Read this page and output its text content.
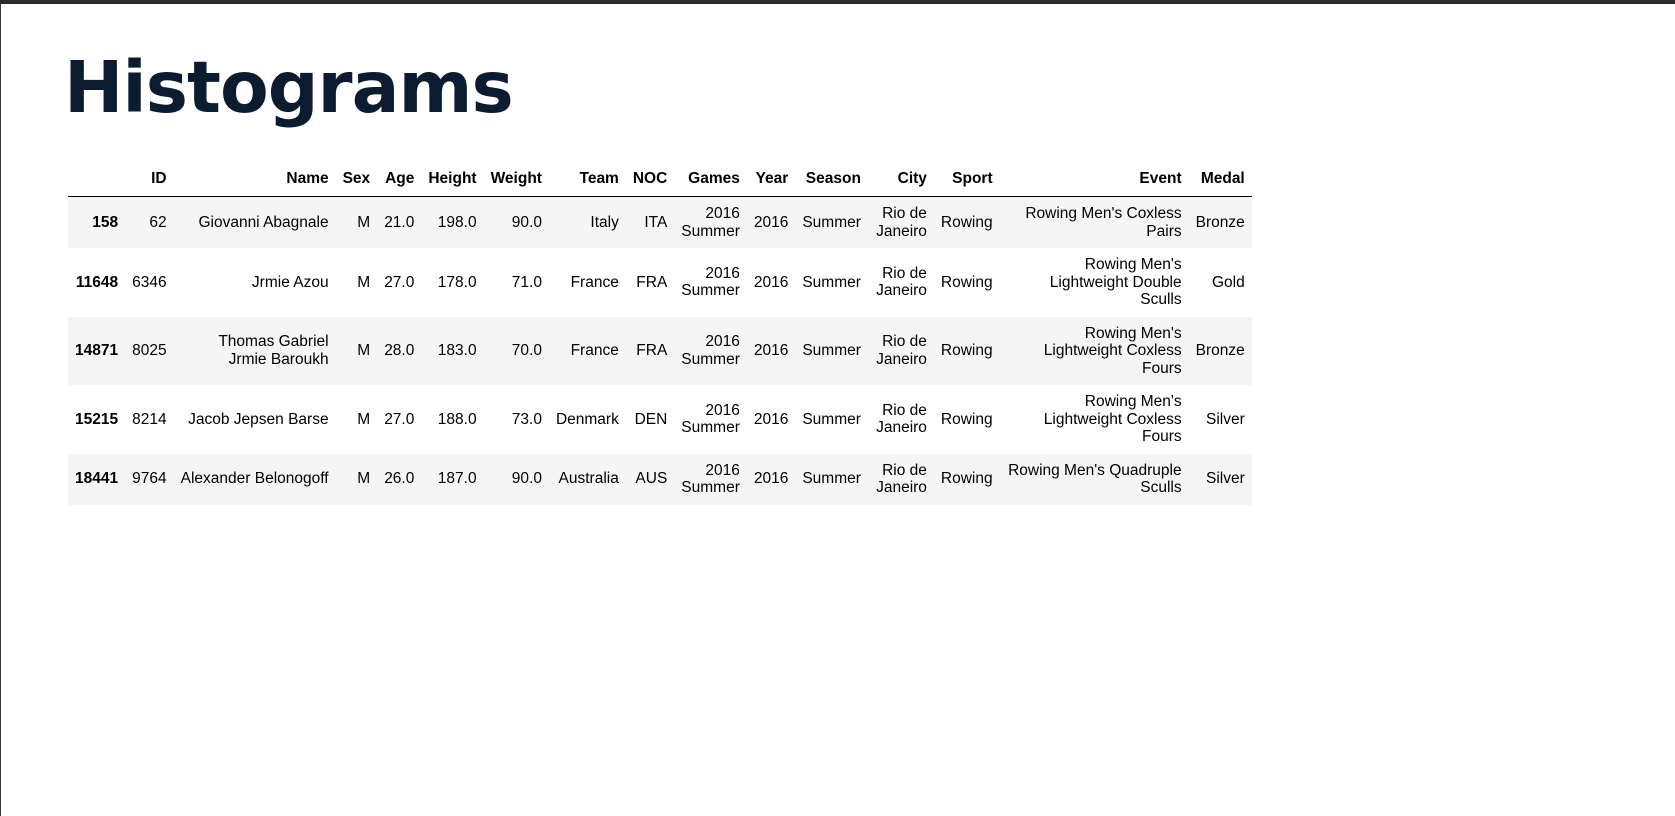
Histograms
	ID	Name	Sex	Age	Height	Weight	Team	NOC	Games	Year	Season	City	Sport	Event	Medal
158	62	Giovanni Abagnale	M	21.0	198.0	90.0	Italy	ITA	2016 Summer	2016	Summer	Rio de Janeiro	Rowing	Rowing Men's Coxless Pairs	Bronze
11648	6346	Jrmie Azou	M	27.0	178.0	71.0	France	FRA	2016 Summer	2016	Summer	Rio de Janeiro	Rowing	Rowing Men's Lightweight Double Sculls	Gold
14871	8025	Thomas Gabriel Jrmie Baroukh	M	28.0	183.0	70.0	France	FRA	2016 Summer	2016	Summer	Rio de Janeiro	Rowing	Rowing Men's Lightweight Coxless Fours	Bronze
15215	8214	Jacob Jepsen Barse	M	27.0	188.0	73.0	Denmark	DEN	2016 Summer	2016	Summer	Rio de Janeiro	Rowing	Rowing Men's Lightweight Coxless Fours	Silver
18441	9764	Alexander Belonogoff	M	26.0	187.0	90.0	Australia	AUS	2016 Summer	2016	Summer	Rio de Janeiro	Rowing	Rowing Men's Quadruple Sculls	Silver
